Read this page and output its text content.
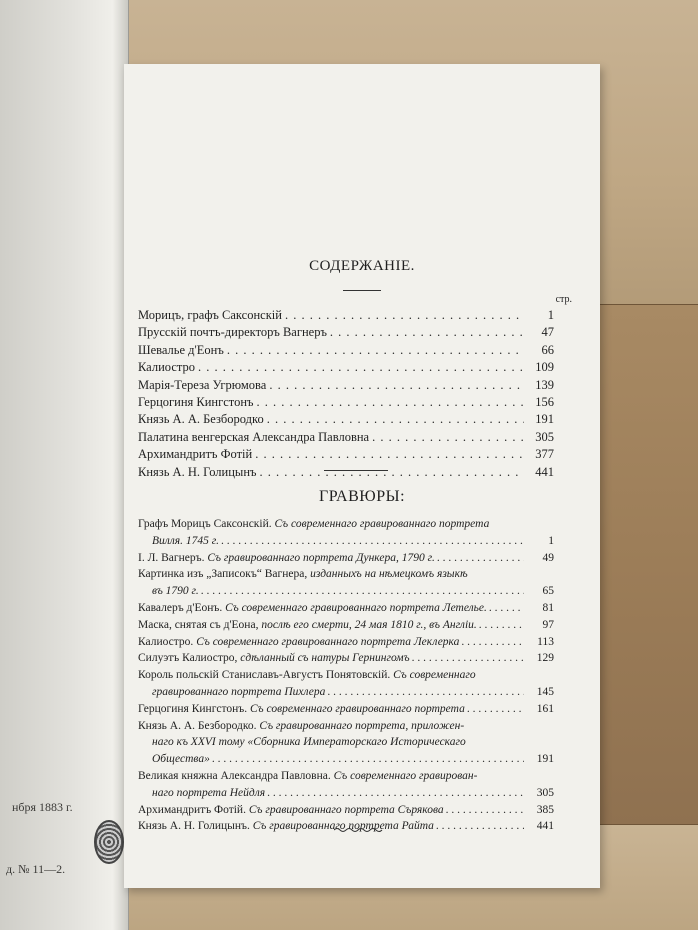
нбря 1883 г.
д. № 11—2.
СОДЕРЖАНІЕ.
стр.
Морицъ, графъ Саксонскій . . .	1
Прусскій почтъ-директоръ Вагнеръ . . .	47
Шевалье д'Еонъ . . .	66
Калиостро . . .	109
Марія-Тереза Угрюмова . . .	139
Герцогиня Кингстонъ . . .	156
Князь А. А. Безбородко . . .	191
Палатина венгерская Александра Павловна . . .	305
Архимандритъ Фотій . . .	377
Князь А. Н. Голицынъ . . .	441
ГРАВЮРЫ:
Графъ Морицъ Саксонскій. Съ современнаго гравированнаго портрета
Вилля. 1745 г. . . .	1
І. Л. Вагнеръ. Съ гравированнаго портрета Дункера, 1790 г. . . .	49
Картинка изъ „Записокъ“ Вагнера, изданныхъ на нѣмецкомъ языкѣ
въ 1790 г. . . .	65
Кавалеръ д'Еонъ. Съ современнаго гравированнаго портрета Летелье. . . .	81
Маска, снятая съ д'Еона, послѣ его смерти, 24 мая 1810 г., въ Англіи. . . .	97
Калиостро. Съ современнаго гравированнаго портрета Леклерка . . .	113
Силуэтъ Калиостро, сдѣланный съ натуры Гернингомъ . . .	129
Король польскій Станиславъ-Августъ Понятовскій. Съ современнаго
гравированнаго портрета Пихлера . . .	145
Герцогиня Кингстонъ. Съ современнаго гравированнаго портрета . . .	161
Князь А. А. Безбородко. Съ гравированнаго портрета, приложен-
наго къ XXVI тому «Сборника Императорскаго Историческаго
Общества» . . .	191
Великая княжна Александра Павловна. Съ современнаго гравирован-
наго портрета Нейдля . . .	305
Архимандритъ Фотій. Съ гравированнаго портрета Сърякова . . .	385
Князь А. Н. Голицынъ. Съ гравированнаго портрета Райта . . .	441
